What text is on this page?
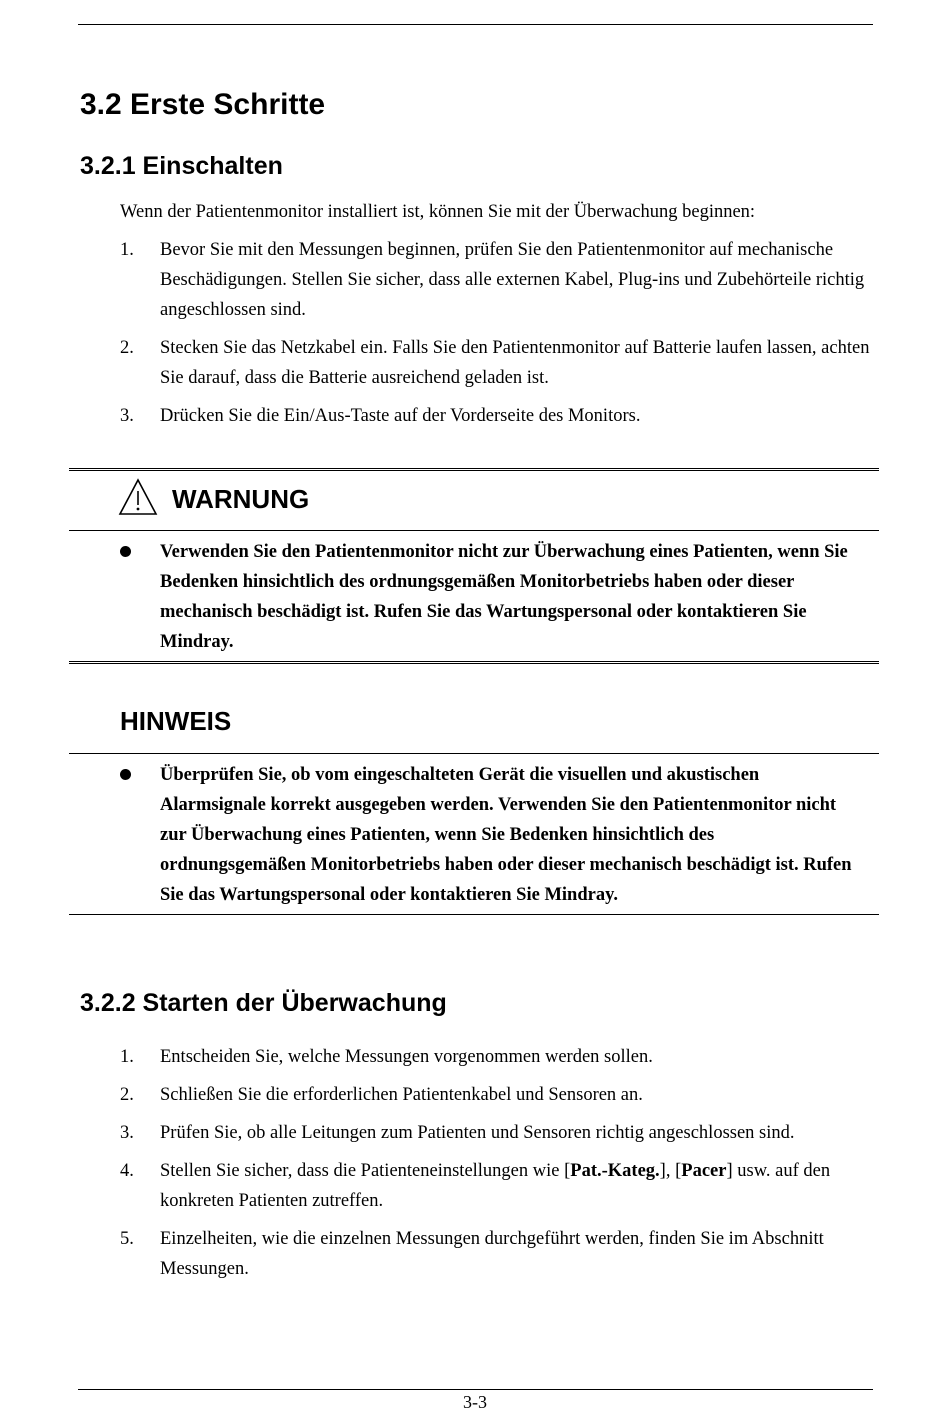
3.2 Erste Schritte
3.2.1 Einschalten

Wenn der Patientenmonitor installiert ist, können Sie mit der Überwachung beginnen:

1. Bevor Sie mit den Messungen beginnen, prüfen Sie den Patientenmonitor auf mechanische Beschädigungen. Stellen Sie sicher, dass alle externen Kabel, Plug-ins und Zubehörteile richtig angeschlossen sind.
2. Stecken Sie das Netzkabel ein. Falls Sie den Patientenmonitor auf Batterie laufen lassen, achten Sie darauf, dass die Batterie ausreichend geladen ist.
3. Drücken Sie die Ein/Aus-Taste auf der Vorderseite des Monitors.
WARNUNG
Verwenden Sie den Patientenmonitor nicht zur Überwachung eines Patienten, wenn Sie Bedenken hinsichtlich des ordnungsgemäßen Monitorbetriebs haben oder dieser mechanisch beschädigt ist. Rufen Sie das Wartungspersonal oder kontaktieren Sie Mindray.
HINWEIS
Überprüfen Sie, ob vom eingeschalteten Gerät die visuellen und akustischen Alarmsignale korrekt ausgegeben werden. Verwenden Sie den Patientenmonitor nicht zur Überwachung eines Patienten, wenn Sie Bedenken hinsichtlich des ordnungsgemäßen Monitorbetriebs haben oder dieser mechanisch beschädigt ist. Rufen Sie das Wartungspersonal oder kontaktieren Sie Mindray.
3.2.2 Starten der Überwachung
1. Entscheiden Sie, welche Messungen vorgenommen werden sollen.
2. Schließen Sie die erforderlichen Patientenkabel und Sensoren an.
3. Prüfen Sie, ob alle Leitungen zum Patienten und Sensoren richtig angeschlossen sind.
4. Stellen Sie sicher, dass die Patienteneinstellungen wie [Pat.-Kateg.], [Pacer] usw. auf den konkreten Patienten zutreffen.
5. Einzelheiten, wie die einzelnen Messungen durchgeführt werden, finden Sie im Abschnitt Messungen.
3-3
